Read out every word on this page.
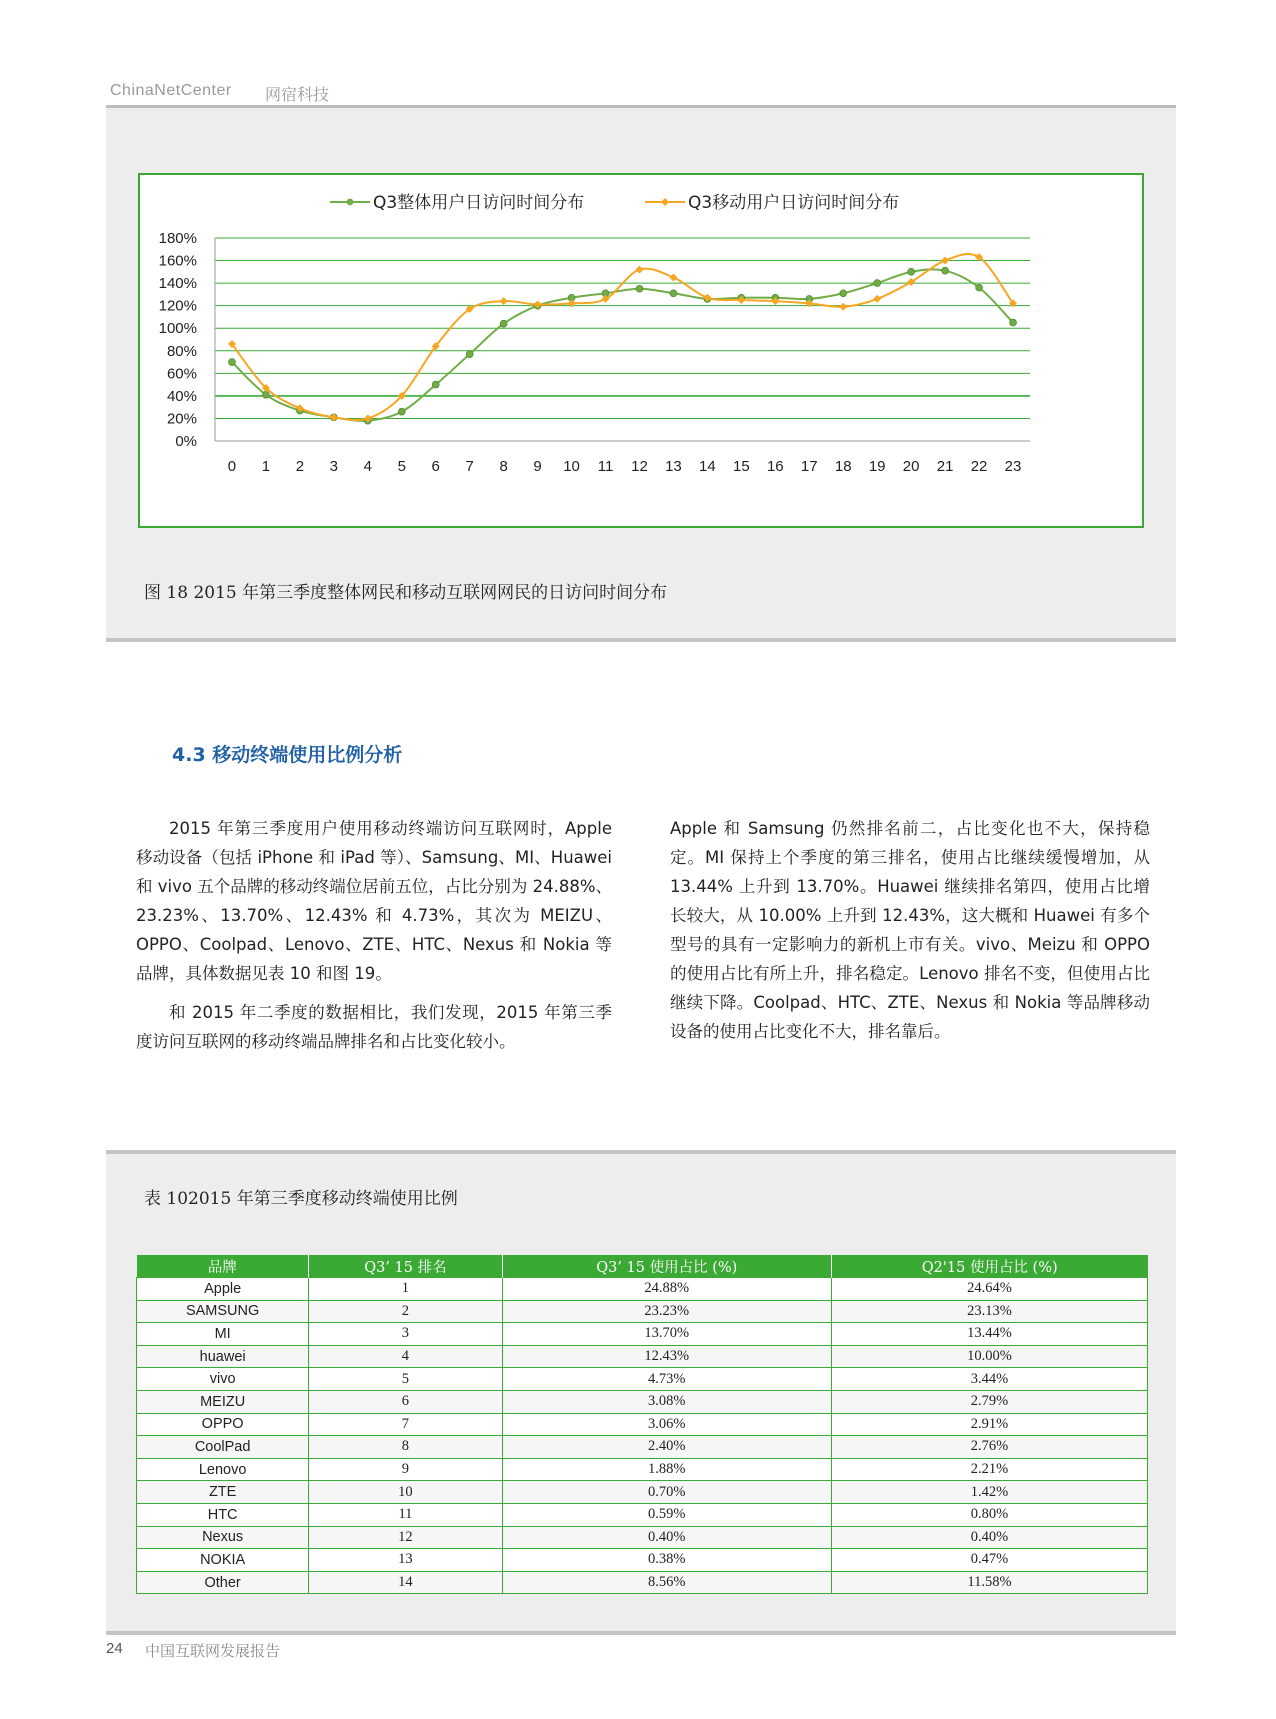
ChinaNetCenter 网宿科技
0%
20%
40%
60%
80%
100%
120%
140%
160%
180%
0 1 2 3 4 5 6 7 8 9 10 11 12 13 14 15 16 17 18 19 20 21 22 23
Q3整体用户日访问时间分布	Q3移动用户日访问时间分布
图 18 2015 年第三季度整体网民和移动互联网网民的日访问时间分布
4.3 移动终端使用比例分析

2015 年第三季度用户使用移动终端访问互联网时，Apple 移动设备（包括 iPhone 和 iPad 等）、Samsung、MI、Huawei 和 vivo 五个品牌的移动终端位居前五位，占比分别为 24.88%、23.23%、13.70%、12.43% 和 4.73%，其次为 MEIZU、OPPO、Coolpad、Lenovo、ZTE、HTC、Nexus 和 Nokia 等品牌，具体数据见表 10 和图 19。

和 2015 年二季度的数据相比，我们发现，2015 年第三季度访问互联网的移动终端品牌排名和占比变化较小。

Apple 和 Samsung 仍然排名前二，占比变化也不大，保持稳定。MI 保持上个季度的第三排名，使用占比继续缓慢增加，从 13.44% 上升到 13.70%。Huawei 继续排名第四，使用占比增长较大，从 10.00% 上升到 12.43%，这大概和 Huawei 有多个型号的具有一定影响力的新机上市有关。vivo、Meizu 和 OPPO 的使用占比有所上升，排名稳定。Lenovo 排名不变，但使用占比继续下降。Coolpad、HTC、ZTE、Nexus 和 Nokia 等品牌移动设备的使用占比变化不大，排名靠后。

表 102015 年第三季度移动终端使用比例
品牌	Q3’ 15 排名	Q3’ 15 使用占比 (%)	Q2'15 使用占比 (%)
Apple	1	24.88%	24.64%
SAMSUNG	2	23.23%	23.13%
MI	3	13.70%	13.44%
huawei	4	12.43%	10.00%
vivo	5	4.73%	3.44%
MEIZU	6	3.08%	2.79%
OPPO	7	3.06%	2.91%
CoolPad	8	2.40%	2.76%
Lenovo	9	1.88%	2.21%
ZTE	10	0.70%	1.42%
HTC	11	0.59%	0.80%
Nexus	12	0.40%	0.40%
NOKIA	13	0.38%	0.47%
Other	14	8.56%	11.58%
24 中国互联网发展报告
